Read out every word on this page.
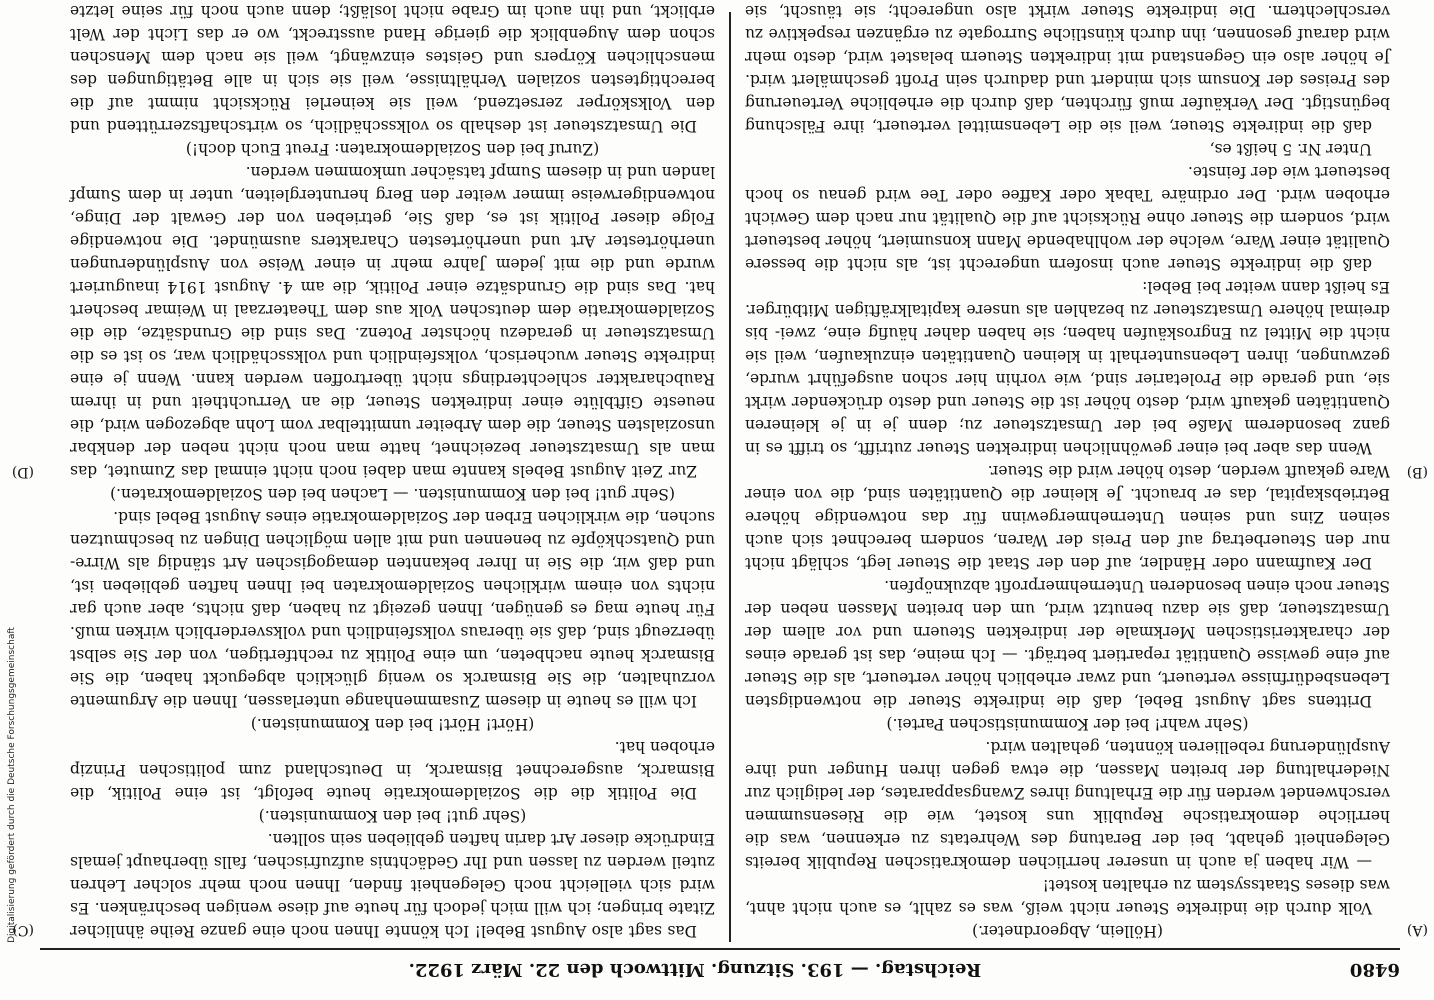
6480
Reichstag. — 193. Sitzung. Mittwoch den 22. März 1922.
(A)
(B)
(C)
(D)

(Höllein, Abgeordneter.)

Volk durch die indirekte Steuer nicht weiß, was es zahlt, es auch nicht ahnt, was dieses Staatssystem zu erhalten kostet!

— Wir haben ja auch in unserer herrlichen demokratischen Republik bereits Gelegenheit gehabt, bei der Beratung des Wehretats zu erkennen, was die herrliche demokratische Republik uns kostet, wie die Riesensummen verschwendet werden für die Erhaltung ihres Zwangsapparates, der lediglich zur Niederhaltung der breiten Massen, die etwa gegen ihren Hunger und ihre Ausplünderung rebellieren könnten, gehalten wird.

(Sehr wahr! bei der Kommunistischen Partei.)

Drittens sagt August Bebel, daß die indirekte Steuer die notwendigsten Lebensbedürfnisse verteuert, und zwar erheblich höher verteuert, als die Steuer auf eine gewisse Quantität repartiert beträgt. — Ich meine, das ist gerade eines der charakteristischen Merkmale der indirekten Steuern und vor allem der Umsatzsteuer, daß sie dazu benutzt wird, um den breiten Massen neben der Steuer noch einen besonderen Unternehmerprofit abzuknöpfen.

Der Kaufmann oder Händler, auf den der Staat die Steuer legt, schlägt nicht nur den Steuerbetrag auf den Preis der Waren, sondern berechnet sich auch seinen Zins und seinen Unternehmergewinn für das notwendige höhere Betriebskapital, das er braucht. Je kleiner die Quantitäten sind, die von einer Ware gekauft werden, desto höher wird die Steuer.

Wenn das aber bei einer gewöhnlichen indirekten Steuer zutrifft, so trifft es in ganz besonderem Maße bei der Umsatzsteuer zu; denn je in je kleineren Quantitäten gekauft wird, desto höher ist die Steuer und desto drückender wirkt sie, und gerade die Proletarier sind, wie vorhin hier schon ausgeführt wurde, gezwungen, ihren Lebensunterhalt in kleinen Quantitäten einzukaufen, weil sie nicht die Mittel zu Engroskäufen haben; sie haben daher häufig eine, zwei- bis dreimal höhere Umsatzsteuer zu bezahlen als unsere kapitalkräftigen Mitbürger. Es heißt dann weiter bei Bebel:

daß die indirekte Steuer auch insofern ungerecht ist, als nicht die bessere Qualität einer Ware, welche der wohlhabende Mann konsumiert, höher besteuert wird, sondern die Steuer ohne Rücksicht auf die Qualität nur nach dem Gewicht erhoben wird. Der ordinäre Tabak oder Kaffee oder Tee wird genau so hoch besteuert wie der feinste.

Unter Nr. 5 heißt es,

daß die indirekte Steuer, weil sie die Lebensmittel verteuert, ihre Fälschung begünstigt. Der Verkäufer muß fürchten, daß durch die erhebliche Verteuerung des Preises der Konsum sich mindert und dadurch sein Profit geschmälert wird. Je höher also ein Gegenstand mit indirekten Steuern belastet wird, desto mehr wird darauf gesonnen, ihn durch künstliche Surrogate zu ergänzen respektive zu verschlechtern. Die indirekte Steuer wirkt also ungerecht; sie täuscht, sie

Das sagt also August Bebel! Ich könnte Ihnen noch eine ganze Reihe ähnlicher Zitate bringen; ich will mich jedoch für heute auf diese wenigen beschränken. Es wird sich vielleicht noch Gelegenheit finden, Ihnen noch mehr solcher Lehren zuteil werden zu lassen und Ihr Gedächtnis aufzufrischen, falls überhaupt jemals Eindrücke dieser Art darin haften geblieben sein sollten.

(Sehr gut! bei den Kommunisten.)

Die Politik die die Sozialdemokratie heute befolgt, ist eine Politik, die Bismarck, ausgerechnet Bismarck, in Deutschland zum politischen Prinzip erhoben hat.

(Hört! Hört! bei den Kommunisten.)

Ich will es heute in diesem Zusammenhange unterlassen, Ihnen die Argumente vorzuhalten, die Sie Bismarck so wenig glücklich abgeguckt haben, die Sie Bismarck heute nachbeten, um eine Politik zu rechtfertigen, von der Sie selbst überzeugt sind, daß sie überaus volksfeindlich und volksverderblich wirken muß. Für heute mag es genügen, Ihnen gezeigt zu haben, daß nichts, aber auch gar nichts von einem wirklichen Sozialdemokraten bei Ihnen haften geblieben ist, und daß wir, die Sie in Ihrer bekannten demagogischen Art ständig als Wirre- und Quatschköpfe zu benennen und mit allen möglichen Dingen zu beschmutzen suchen, die wirklichen Erben der Sozialdemokratie eines August Bebel sind.

(Sehr gut! bei den Kommunisten. — Lachen bei den Sozialdemokraten.)

Zur Zeit August Bebels kannte man dabei noch nicht einmal das Zumutet, das man als Umsatzsteuer bezeichnet, hatte man noch nicht neben der denkbar unsozialsten Steuer, die dem Arbeiter unmittelbar vom Lohn abgezogen wird, die neueste Giftblüte einer indirekten Steuer, die an Verruchtheit und in ihrem Raubcharakter schlechterdings nicht übertroffen werden kann. Wenn je eine indirekte Steuer wucherisch, volksfeindlich und volksschädlich war, so ist es die Umsatzsteuer in geradezu höchster Potenz. Das sind die Grundsätze, die die Sozialdemokratie dem deutschen Volk aus dem Theaterzaal in Weimar beschert hat. Das sind die Grundsätze einer Politik, die am 4. August 1914 inauguriert wurde und die mit jedem Jahre mehr in einer Weise von Ausplünderungen unerhörtester Art und unerhörtesten Charakters ausmündet. Die notwendige Folge dieser Politik ist es, daß Sie, getrieben von der Gewalt der Dinge, notwendigerweise immer weiter den Berg heruntergleiten, unter in dem Sumpf landen und in diesem Sumpf tatsächer umkommen werden.

(Zuruf bei den Sozialdemokraten: Freut Euch doch!)

Die Umsatzsteuer ist deshalb so volksschädlich, so wirtschaftszerrüttend und den Volkskörper zersetzend, weil sie keinerlei Rücksicht nimmt auf die berechtigtesten sozialen Verhältnisse, weil sie sich in alle Betätigungen des menschlichen Körpers und Geistes einzwängt, weil sie nach dem Menschen schon dem Augenblick die gierige Hand ausstreckt, wo er das Licht der Welt erblickt, und ihn auch im Grabe nicht losläßt; denn auch noch für seine letzte

Digitalisierung gefördert durch die Deutsche Forschungsgemeinschaft
